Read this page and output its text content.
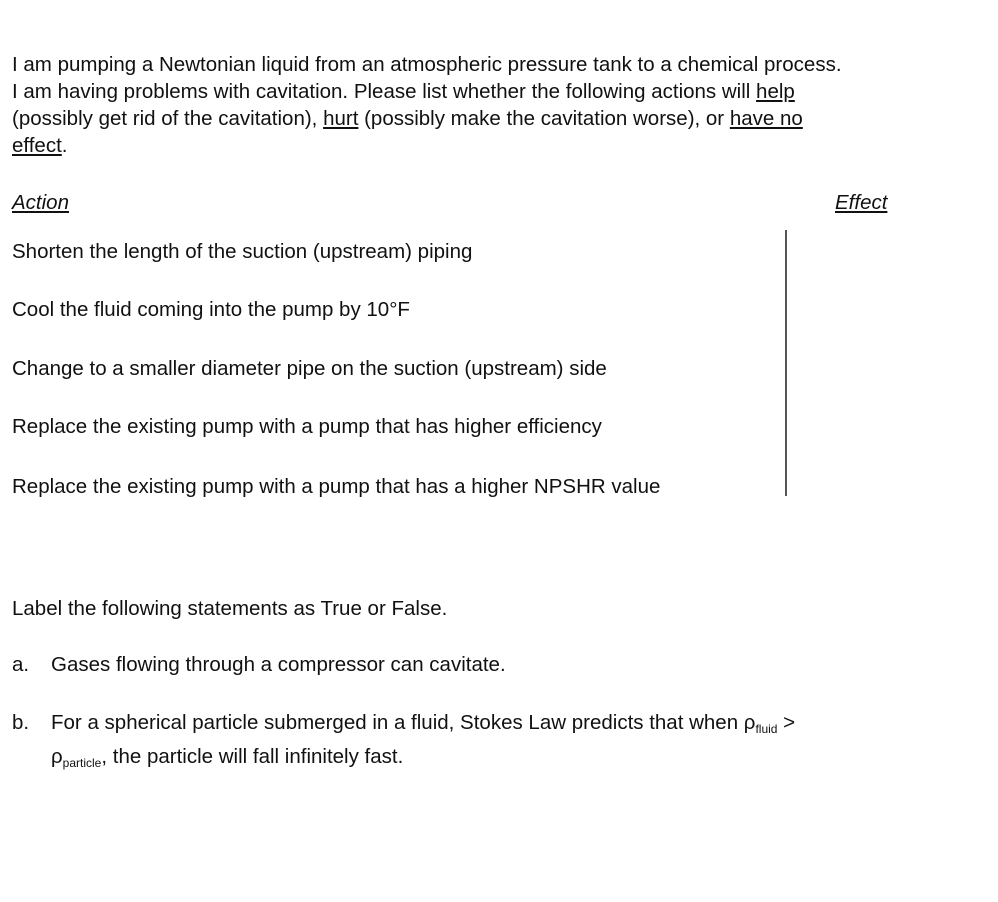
I am pumping a Newtonian liquid from an atmospheric pressure tank to a chemical process.
I am having problems with cavitation. Please list whether the following actions will help
(possibly get rid of the cavitation), hurt (possibly make the cavitation worse), or have no
effect.
Action	Effect
Shorten the length of the suction (upstream) piping
Cool the fluid coming into the pump by 10°F
Change to a smaller diameter pipe on the suction (upstream) side
Replace the existing pump with a pump that has higher efficiency
Replace the existing pump with a pump that has a higher NPSHR value
Label the following statements as True or False.
a. Gases flowing through a compressor can cavitate.
b. For a spherical particle submerged in a fluid, Stokes Law predicts that when $\rho_{fluid}$ >
$\rho_{particle}$, the particle will fall infinitely fast.
